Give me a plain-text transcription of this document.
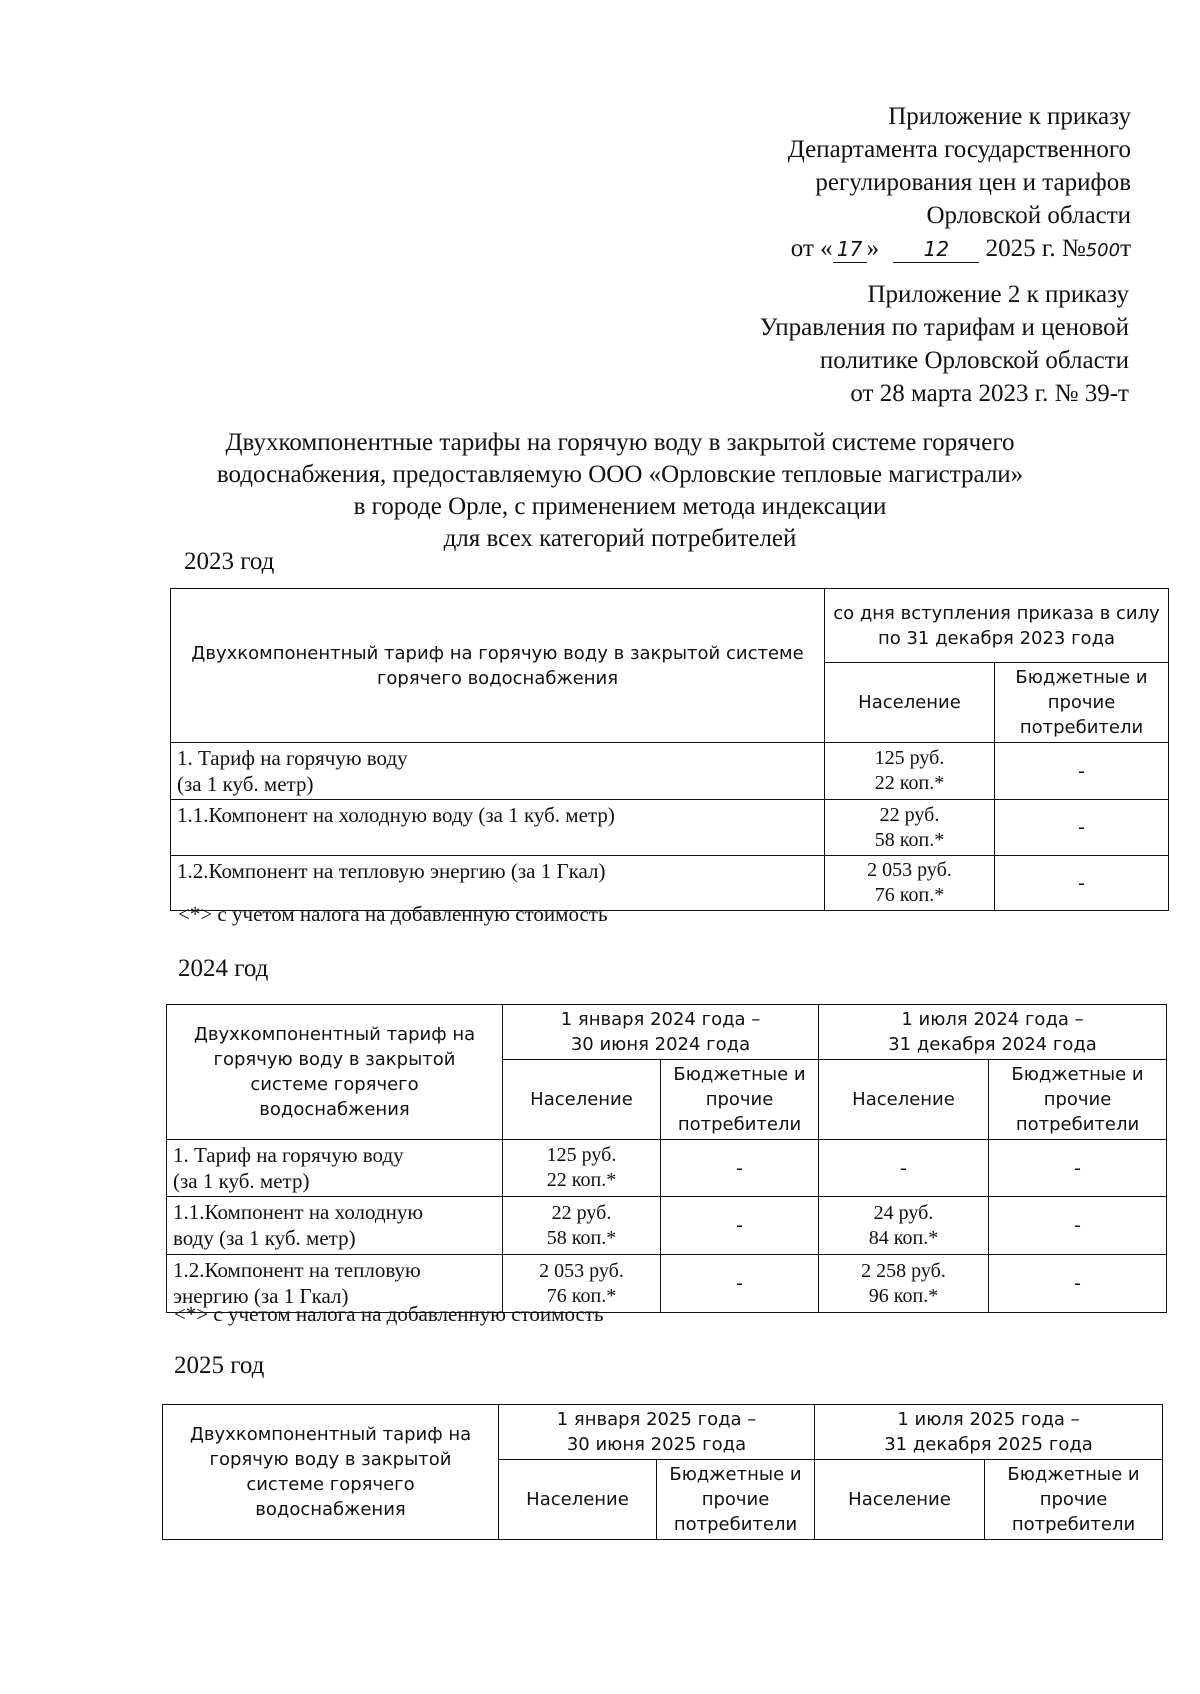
Приложение к приказу
Департамента государственного
регулирования цен и тарифов
Орловской области
от « 17 » 12 2025 г. №500т
Приложение 2 к приказу
Управления по тарифам и ценовой
политике Орловской области
от 28 марта 2023 г. № 39-т
Двухкомпонентные тарифы на горячую воду в закрытой системе горячего
водоснабжения, предоставляемую ООО «Орловские тепловые магистрали»
в городе Орле, с применением метода индексации
для всех категорий потребителей
2023 год
Двухкомпонентный тариф на горячую воду в закрытой системе горячего водоснабжения	со дня вступления приказа в силу по 31 декабря 2023 года	
	Население	Бюджетные и прочие потребители

1. Тариф на горячую воду
(за 1 куб. метр)	125 руб.
22 коп.*	-

1.1.Компонент на холодную воду (за 1 куб. метр)	22 руб.
58 коп.*	-

1.2.Компонент на тепловую энергию (за 1 Гкал)	2 053 руб.
76 коп.*	-
<*> с учетом налога на добавленную стоимость
2024 год
Двухкомпонентный тариф на горячую воду в закрытой системе горячего водоснабжения	1 января 2024 года –
30 июня 2024 года		1 июля 2024 года –
31 декабря 2024 года	

	Население	Бюджетные и прочие потребители	Население	Бюджетные и прочие потребители

1. Тариф на горячую воду
(за 1 куб. метр)	125 руб.
22 коп.*	-	-	-

1.1.Компонент на холодную
воду (за 1 куб. метр)	22 руб.
58 коп.*	-	24 руб.
84 коп.*	-

1.2.Компонент на тепловую
энергию (за 1 Гкал)	2 053 руб.
76 коп.*	-	2 258 руб.
96 коп.*	-
<*> с учетом налога на добавленную стоимость
2025 год
Двухкомпонентный тариф на горячую воду в закрытой системе горячего водоснабжения	1 января 2025 года –
30 июня 2025 года		1 июля 2025 года –
31 декабря 2025 года	

	Население	Бюджетные и прочие потребители	Население	Бюджетные и прочие потребители
